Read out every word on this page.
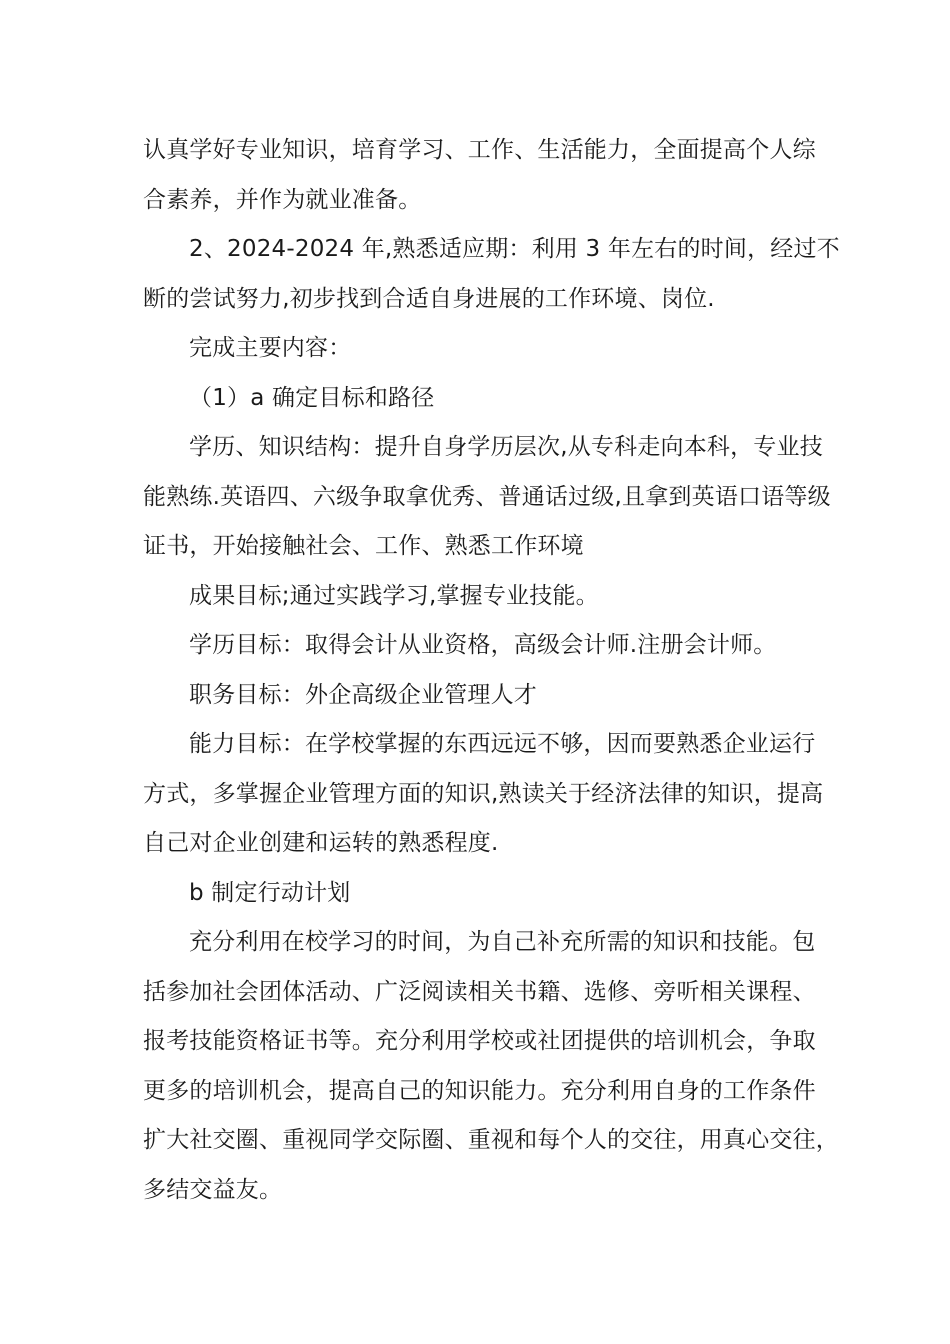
认真学好专业知识，培育学习、工作、生活能力，全面提高个人综
合素养，并作为就业准备。

2、2024-2024 年,熟悉适应期：利用 3 年左右的时间，经过不
断的尝试努力,初步找到合适自身进展的工作环境、岗位.

完成主要内容：

（1）a 确定目标和路径

学历、知识结构：提升自身学历层次,从专科走向本科，专业技
能熟练.英语四、六级争取拿优秀、普通话过级,且拿到英语口语等级
证书，开始接触社会、工作、熟悉工作环境

成果目标;通过实践学习,掌握专业技能。

学历目标：取得会计从业资格，高级会计师.注册会计师。

职务目标：外企高级企业管理人才

能力目标：在学校掌握的东西远远不够，因而要熟悉企业运行
方式，多掌握企业管理方面的知识,熟读关于经济法律的知识，提高
自己对企业创建和运转的熟悉程度.

b 制定行动计划

充分利用在校学习的时间，为自己补充所需的知识和技能。包
括参加社会团体活动、广泛阅读相关书籍、选修、旁听相关课程、
报考技能资格证书等。充分利用学校或社团提供的培训机会，争取
更多的培训机会，提高自己的知识能力。充分利用自身的工作条件
扩大社交圈、重视同学交际圈、重视和每个人的交往，用真心交往，
多结交益友。
